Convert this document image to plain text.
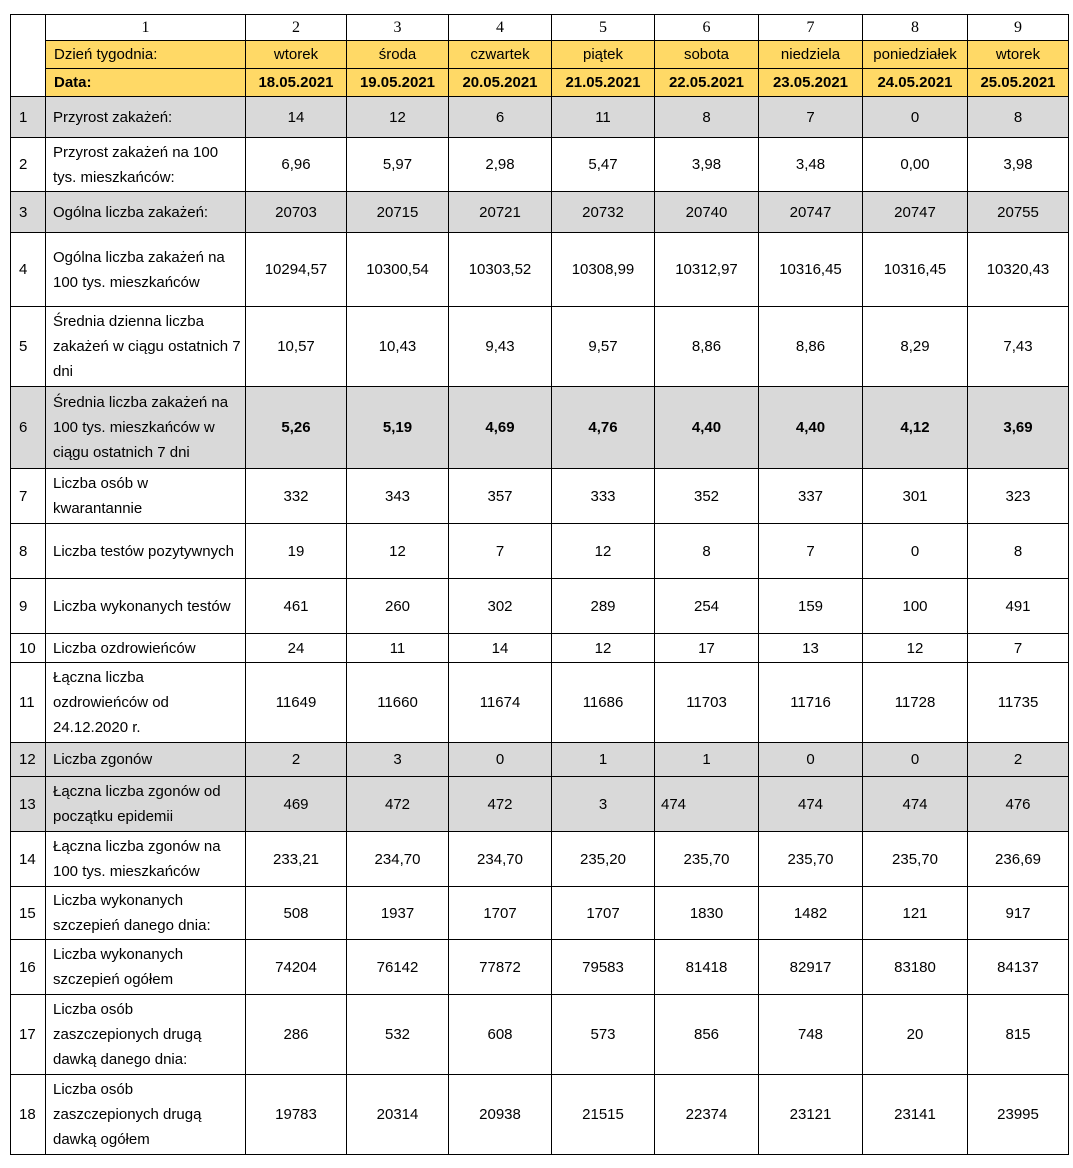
	1	2	3	4	5	6	7	8	9
	Dzień tygodnia:	wtorek	środa	czwartek	piątek	sobota	niedziela	poniedziałek	wtorek
	Data:	18.05.2021	19.05.2021	20.05.2021	21.05.2021	22.05.2021	23.05.2021	24.05.2021	25.05.2021
1	Przyrost zakażeń:	14	12	6	11	8	7	0	8
2	Przyrost zakażeń na 100 tys. mieszkańców:	6,96	5,97	2,98	5,47	3,98	3,48	0,00	3,98
3	Ogólna liczba zakażeń:	20703	20715	20721	20732	20740	20747	20747	20755
4	Ogólna liczba zakażeń na 100 tys. mieszkańców	10294,57	10300,54	10303,52	10308,99	10312,97	10316,45	10316,45	10320,43
5	Średnia dzienna liczba zakażeń w ciągu ostatnich 7 dni	10,57	10,43	9,43	9,57	8,86	8,86	8,29	7,43
6	Średnia liczba zakażeń na 100 tys. mieszkańców w ciągu ostatnich 7 dni	5,26	5,19	4,69	4,76	4,40	4,40	4,12	3,69
7	Liczba osób w kwarantannie	332	343	357	333	352	337	301	323
8	Liczba testów pozytywnych	19	12	7	12	8	7	0	8
9	Liczba wykonanych testów	461	260	302	289	254	159	100	491
10	Liczba ozdrowieńców	24	11	14	12	17	13	12	7
11	Łączna liczba ozdrowieńców od 24.12.2020 r.	11649	11660	11674	11686	11703	11716	11728	11735
12	Liczba zgonów	2	3	0	1	1	0	0	2
13	Łączna liczba zgonów od początku epidemii	469	472	472	3	474	474	474	476
14	Łączna liczba zgonów na 100 tys. mieszkańców	233,21	234,70	234,70	235,20	235,70	235,70	235,70	236,69
15	Liczba wykonanych szczepień danego dnia:	508	1937	1707	1707	1830	1482	121	917
16	Liczba wykonanych szczepień ogółem	74204	76142	77872	79583	81418	82917	83180	84137
17	Liczba osób zaszczepionych drugą dawką danego dnia:	286	532	608	573	856	748	20	815
18	Liczba osób zaszczepionych drugą dawką ogółem	19783	20314	20938	21515	22374	23121	23141	23995
